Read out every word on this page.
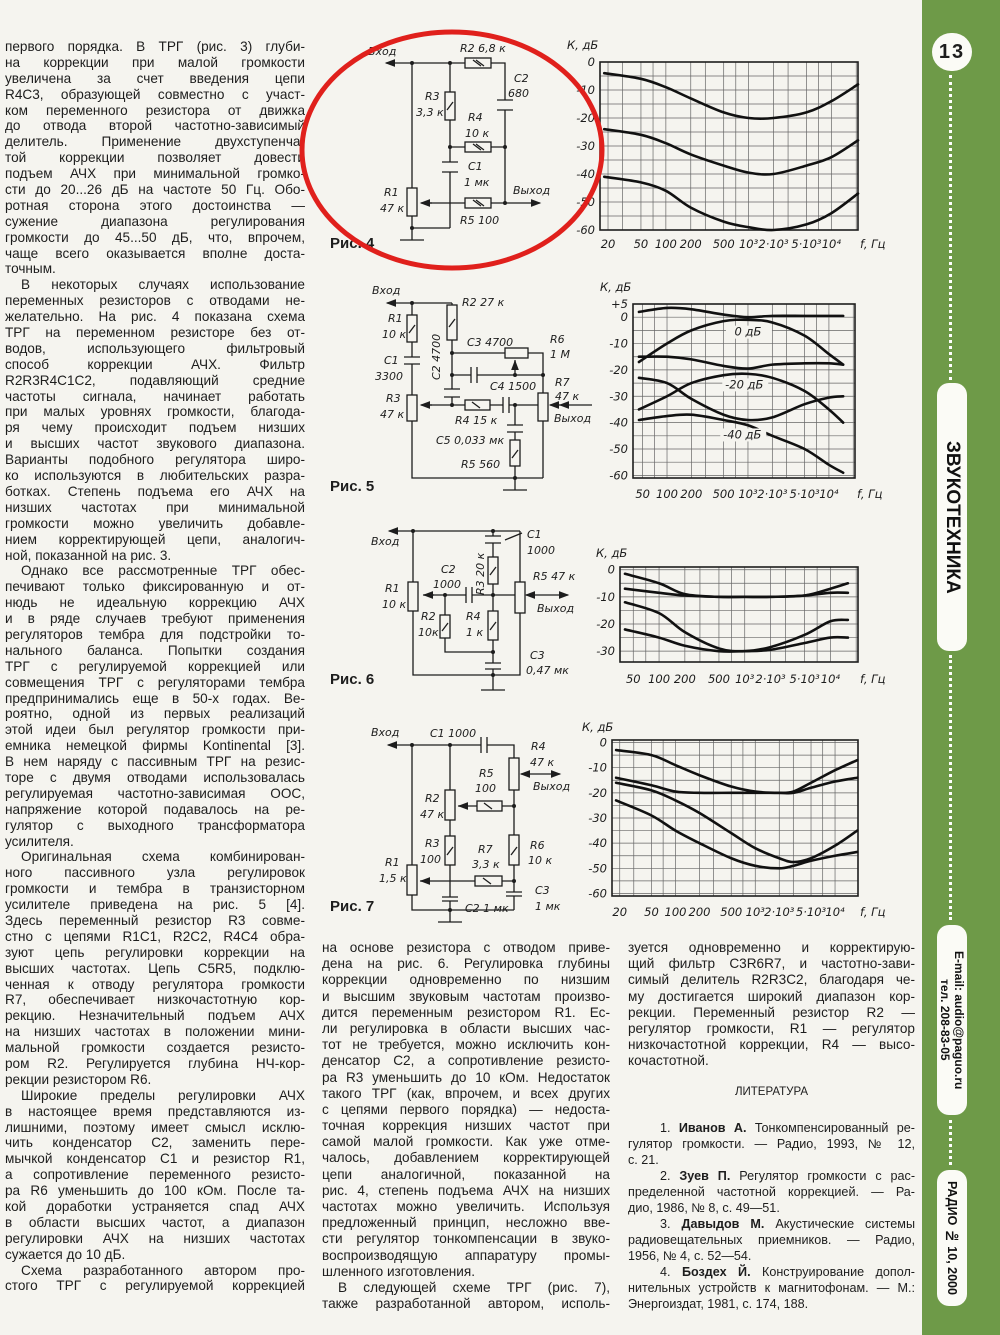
первого порядка. В ТРГ (рис. 3) глуби-
на коррекции при малой громкости
увеличена за счет введения цепи
R4C3, образующей совместно с участ-
ком переменного резистора от движка
до отвода второй частотно-зависимый
делитель. Применение двухступенча-
той коррекции позволяет довести
подъем АЧХ при минимальной громко-
сти до 20...26 дБ на частоте 50 Гц. Обо-
ротная сторона этого достоинства —
сужение диапазона регулирования
громкости до 45...50 дБ, что, впрочем,
чаще всего оказывается вполне доста-
точным.
В некоторых случаях использование
переменных резисторов с отводами не-
желательно. На рис. 4 показана схема
ТРГ на переменном резисторе без от-
водов, использующего фильтровый
способ коррекции АЧХ. Фильтр
R2R3R4C1C2, подавляющий средние
частоты сигнала, начинает работать
при малых уровнях громкости, благода-
ря чему происходит подъем низших
и высших частот звукового диапазона.
Варианты подобного регулятора широ-
ко используются в любительских разра-
ботках. Степень подъема его АЧХ на
низших частотах при минимальной
громкости можно увеличить добавле-
нием корректирующей цепи, аналогич-
ной, показанной на рис. 3.
Однако все рассмотренные ТРГ обес-
печивают только фиксированную и от-
нюдь не идеальную коррекцию АЧХ
и в ряде случаев требуют применения
регуляторов тембра для подстройки то-
нального баланса. Попытки создания
ТРГ с регулируемой коррекцией или
совмещения ТРГ с регуляторами тембра
предпринимались еще в 50-х годах. Ве-
роятно, одной из первых реализаций
этой идеи был регулятор громкости при-
емника немецкой фирмы Kontinental [3].
В нем наряду с пассивным ТРГ на резис-
торе с двумя отводами использовалась
регулируемая частотно-зависимая ООС,
напряжение которой подавалось на ре-
гулятор с выходного трансформатора
усилителя.
Оригинальная схема комбинирован-
ного пассивного узла регулировок
громкости и тембра в транзисторном
усилителе приведена на рис. 5 [4].
Здесь переменный резистор R3 совме-
стно с цепями R1C1, R2C2, R4C4 обра-
зуют цепь регулировки коррекции на
высших частотах. Цепь C5R5, подклю-
ченная к отводу регулятора громкости
R7, обеспечивает низкочастотную кор-
рекцию. Незначительный подъем АЧХ
на низших частотах в положении мини-
мальной громкости создается резисто-
ром R2. Регулируется глубина НЧ-кор-
рекции резистором R6.
Широкие пределы регулировки АЧХ
в настоящее время представляются из-
лишними, поэтому имеет смысл исклю-
чить конденсатор C2, заменить пере-
мычкой конденсатор C1 и резистор R1,
а сопротивление переменного резисто-
ра R6 уменьшить до 100 кОм. После та-
кой доработки устраняется спад АЧХ
в области высших частот, а диапазон
регулировки АЧХ на низших частотах
сужается до 10 дБ.
Схема разработанного автором про-
стого ТРГ с регулируемой коррекцией
на основе резистора с отводом приве-
дена на рис. 6. Регулировка глубины
коррекции одновременно по низшим
и высшим звуковым частотам произво-
дится переменным резистором R1. Ес-
ли регулировка в области высших час-
тот не требуется, можно исключить кон-
денсатор C2, а сопротивление резисто-
ра R3 уменьшить до 10 кОм. Недостаток
такого ТРГ (как, впрочем, и всех других
с цепями первого порядка) — недоста-
точная коррекция низших частот при
самой малой громкости. Как уже отме-
чалось, добавлением корректирующей
цепи аналогичной, показанной на
рис. 4, степень подъема АЧХ на низших
частотах можно увеличить. Используя
предложенный принцип, несложно вве-
сти регулятор тонкомпенсации в звуко-
воспроизводящую аппаратуру промы-
шленного изготовления.
В следующей схеме ТРГ (рис. 7),
также разработанной автором, исполь-
зуется одновременно и корректирую-
щий фильтр C3R6R7, и частотно-зави-
симый делитель R2R3C2, благодаря че-
му достигается широкий диапазон кор-
рекции. Переменный резистор R2 —
регулятор громкости, R1 — регулятор
низкочастотной коррекции, R4 — высо-
кочастотной.
ЛИТЕРАТУРА
1. Иванов А. Тонкомпенсированный ре-
гулятор громкости. — Радио, 1993, № 12,
с. 21.
2. Зуев П. Регулятор громкости с рас-
пределенной частотной коррекцией. — Ра-
дио, 1986, № 8, с. 49—51.
3. Давыдов М. Акустические системы
радиовещательных приемников. — Радио,
1956, № 4, с. 52—54.
4. Боздех Й. Конструирование допол-
нительных устройств к магнитофонам. — М.:
Энергоиздат, 1981, с. 174, 188.
Вход	R2 6,8 к
C2
680
R3
3,3 к R4
10 к
C1
1 мк
Выход
R1
47 к
R5 100
Рис. 4
Вход
R2 27 к
R1
10 к
C1
3300 C2 4700 C3 4700	R6
1 М
C4 1500 R7
47 к
R3
47 к	R4 15 к
C5 0,033 мк
R5 560
Выход
Рис. 5
Вход
C1
1000
R3 20 к
C2
1000
R5 47 к
Выход
R1
10 к
R2
10к
R4
1 к
C3
0,47 мк
Рис. 6
Вход	C1 1000
R4
47 к
R5
100	Выход
R2
47 к
R3
100
R7
3,3 к
R6
10 к
R1
1,5 к
C3
1 мк
C2 1 мк
Рис. 7
0
-10
-20
-30
-40
-50
-60
20 50 100 200 500 10³ 2·10³ 5·10³ 10⁴
К, дБ
f, Гц
+5
0
-10
-20
-30
-40
-50
-60
50 100 200 500 10³ 2·10³ 5·10³ 10⁴
К, дБ
f, Гц
0 дБ
-20 дБ
-40 дБ
0
-10
-20
-30
50 100 200 500 10³ 2·10³ 5·10³ 10⁴
К, дБ
f, Гц
0
-10
-20
-30
-40
-50
-60
20 50 100 200 500 10³ 2·10³ 5·10³ 10⁴
К, дБ
f, Гц
13
ЗВУКОТЕХНИКА
E-mail: audio@paguo.ru
тел. 208-83-05
РАДИО № 10, 2000
